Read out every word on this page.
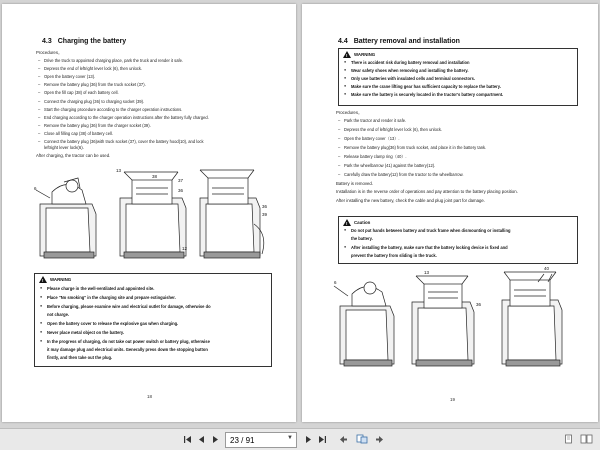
4.3 Charging the battery
Procedures。
– Drive the truck to appointed charging place, park the truck and render it safe.
– Depress the end of leftright lever lock (6), then unlock.
– Open the battery cover (13).
– Remove the battery plug (36) from the truck socket (37).
– Open the fill cap (38) of each battery cell.
– Connect the charging plug (36) to charging socket (39).
– Start the charging procedure according to the charger operation instructions.
– End charging according to the charger operation instructions after the battery fully charged.
– Remove the battery plug (36) from the charger socket (39).
– Close all filling cap (38) of battery cell.
– Connect the battery plug (36)with truck socket (37), cover the battery hood(10), and lock
leftright lever lock(6).
After charging, the tractor can be used.
6
13
37
36
38
36
39
12
! WARNING
● Please charge in the well-ventilated and appointed site.
● Place "No smoking" in the charging site and prepare extinguisher.
● Before charging, please examine wire and electrical outlet for damage, otherwise do
not charge.
● Open the battery cover to release the explosive gas when charging.
● Never place metal object on the battery.
● In the progress of charging, do not take out power switch or battery plug, otherwise
it may damage plug and electrical units. Generally press down the stopping button
firstly, and then take out the plug.
18
4.4 Battery removal and installation
! WARNING
● There is accident risk during battery removal and installation
● Wear safety shoes when removing and installing the battery.
● Only use batteries with insulated cells and terminal connectors.
● Make sure the crane lifting gear has sufficient capacity to replace the battery.
● Make sure the battery is securely located in the tractor's battery compartment.
Procedures。
– Park the tractor and render it safe.
– Depress the end of leftright lever lock (6), then unlock.
– Open the battery cover（13）.
– Remove the battery plug(36) from truck socket, and place it in the battery tank.
– Release battery clamp ring（40）.
– Park the wheelbarrow (41) against the battery(12).
– Carefully draw the battery(12) from the tractor to the wheelbarrow.
Battery is removed.
Installation is in the reverse order of operations and pay attention to the battery placing position.
After installing the new battery, check the cable and plug joint part for damage.
! Caution
● Do not put hands between battery and truck frame when dismounting or installing
the battery.
● After installing the battery, make sure that the battery locking device is fixed and
prevent the battery from sliding in the truck.
6
13
36
40
19
23 / 91	▼
